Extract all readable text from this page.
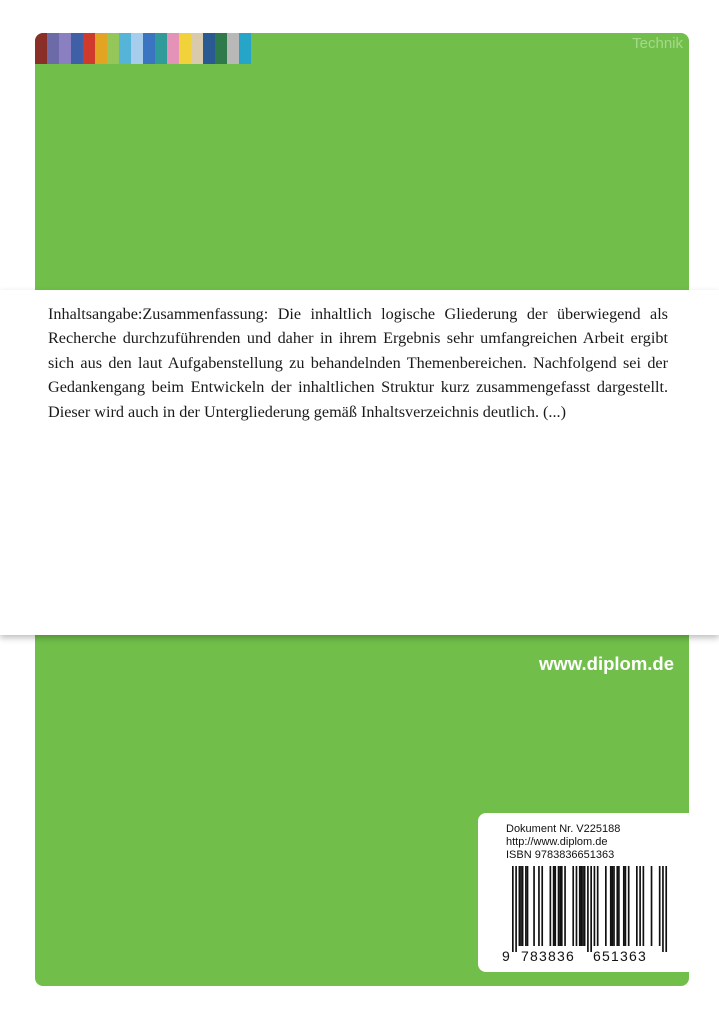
Technik

Inhaltsangabe:Zusammenfassung: Die inhaltlich logische Gliederung der überwiegend als Recherche durchzuführenden und daher in ihrem Ergebnis sehr umfangreichen Arbeit ergibt sich aus den laut Aufgabenstellung zu behandelnden Themenbereichen. Nachfolgend sei der Gedankengang beim Entwickeln der inhaltlichen Struktur kurz zusammengefasst dargestellt. Dieser wird auch in der Untergliederung gemäß Inhaltsverzeichnis deutlich. (...)

www.diplom.de
Dokument Nr. V225188
http://www.diplom.de
ISBN 9783836651363
9 783836 651363
